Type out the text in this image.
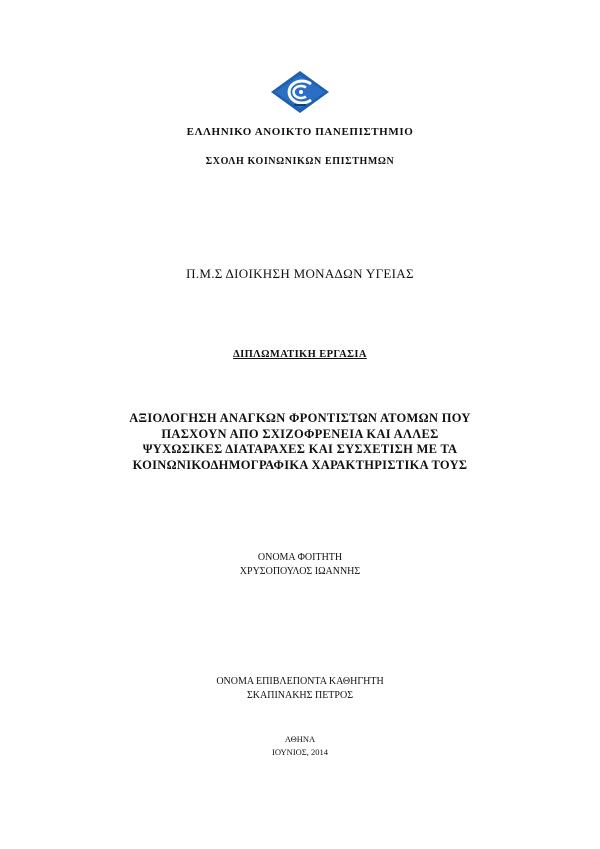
ΕΛΛΗΝΙΚΟ ΑΝΟΙΚΤΟ ΠΑΝΕΠΙΣΤΗΜΙΟ
ΣΧΟΛΗ ΚΟΙΝΩΝΙΚΩΝ ΕΠΙΣΤΗΜΩΝ
Π.Μ.Σ ΔΙΟΙΚΗΣΗ ΜΟΝΑΔΩΝ ΥΓΕΙΑΣ
ΔΙΠΛΩΜΑΤΙΚΗ ΕΡΓΑΣΙΑ
ΑΞΙΟΛΟΓΗΣΗ ΑΝΑΓΚΩΝ ΦΡΟΝΤΙΣΤΩΝ ΑΤΟΜΩΝ ΠΟΥ
ΠΑΣΧΟΥΝ ΑΠΟ ΣΧΙΖΟΦΡΕΝΕΙΑ ΚΑΙ ΑΛΛΕΣ
ΨΥΧΩΣΙΚΕΣ ΔΙΑΤΑΡΑΧΕΣ ΚΑΙ ΣΥΣΧΕΤΙΣΗ ΜΕ ΤΑ
ΚΟΙΝΩΝΙΚΟΔΗΜΟΓΡΑΦΙΚΑ ΧΑΡΑΚΤΗΡΙΣΤΙΚΑ ΤΟΥΣ
ΟΝΟΜΑ ΦΟΙΤΗΤΗ
ΧΡΥΣΟΠΟΥΛΟΣ ΙΩΑΝΝΗΣ
ΟΝΟΜΑ ΕΠΙΒΛΕΠΟΝΤΑ ΚΑΘΗΓΗΤΗ
ΣΚΑΠΙΝΑΚΗΣ ΠΕΤΡΟΣ
ΑΘΗΝΑ
ΙΟΥΝΙΟΣ, 2014
